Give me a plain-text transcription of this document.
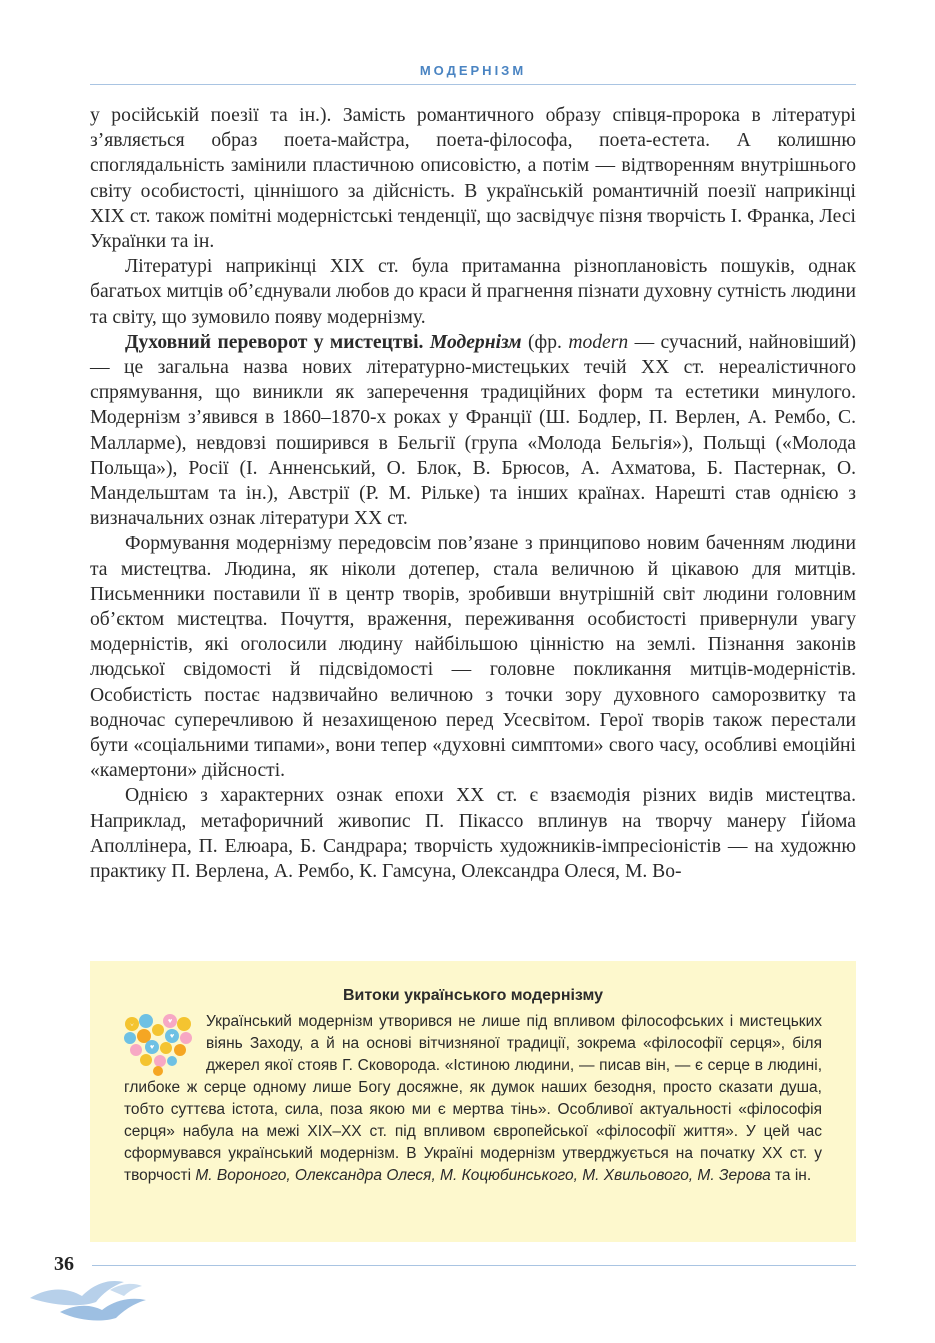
МОДЕРНІЗМ

у російській поезії та ін.). Замість романтичного образу співця-пророка в літературі з’являється образ поета-майстра, поета-філософа, поета-естета. А колишню споглядальність замінили пластичною описовістю, а потім — відтворенням внутрішнього світу особистості, ціннішого за дійсність. В українській романтичній поезії наприкінці ХІХ ст. також помітні модерністські тенденції, що засвідчує пізня творчість І. Франка, Лесі Українки та ін.

Літературі наприкінці ХІХ ст. була притаманна різноплановість пошуків, однак багатьох митців об’єднували любов до краси й прагнення пізнати духовну сутність людини та світу, що зумовило появу модернізму.

Духовний переворот у мистецтві. Модернізм (фр. modern — сучасний, найновіший) — це загальна назва нових літературно-мистецьких течій ХХ ст. нереалістичного спрямування, що виникли як заперечення традиційних форм та естетики минулого. Модернізм з’явився в 1860–1870-х роках у Франції (Ш. Бодлер, П. Верлен, А. Рембо, С. Малларме), невдовзі поширився в Бельгії (група «Молода Бельгія»), Польщі («Молода Польща»), Росії (І. Анненський, О. Блок, В. Брюсов, А. Ахматова, Б. Пастернак, О. Мандельштам та ін.), Австрії (Р. М. Рільке) та інших країнах. Нарешті став однією з визначальних ознак літератури ХХ ст.

Формування модернізму передовсім пов’язане з принципово новим баченням людини та мистецтва. Людина, як ніколи дотепер, стала величною й цікавою для митців. Письменники поставили її в центр творів, зробивши внутрішній світ людини головним об’єктом мистецтва. Почуття, враження, переживання особистості привернули увагу модерністів, які оголосили людину найбільшою цінністю на землі. Пізнання законів людської свідомості й підсвідомості — головне покликання митців-модерністів. Особистість постає надзвичайно величною з точки зору духовного саморозвитку та водночас суперечливою й незахищеною перед Усесвітом. Герої творів також перестали бути «соціальними типами», вони тепер «духовні симптоми» свого часу, особливі емоційні «камертони» дійсності.

Однією з характерних ознак епохи ХХ ст. є взаємодія різних видів мистецтва. Наприклад, метафоричний живопис П. Пікассо вплинув на творчу манеру Ґійома Аполлінера, П. Елюара, Б. Сандрара; творчість художників-імпресіоністів — на художню практику П. Верлена, А. Рембо, К. Гамсуна, Олександра Олеся, М. Во-

Витоки українського модернізму

Український модернізм утворився не лише під впливом філософських і мистецьких віянь Заходу, а й на основі вітчизняної традиції, зокрема «філософії серця», біля джерел якої стояв Г. Сковорода. «Істиною людини, — писав він, — є серце в людині, глибоке ж серце одному лише Богу досяжне, як думок наших безодня, просто сказати душа, тобто суттєва істота, сила, поза якою ми є мертва тінь». Особливої актуальності «філософія серця» набула на межі ХІХ–ХХ ст. під впливом європейської «філософії життя». У цей час сформувався український модернізм. В Україні модернізм утверджується на початку ХХ ст. у творчості М. Вороного, Олександра Олеся, М. Коцюбинського, М. Хвильового, М. Зерова та ін.

36
